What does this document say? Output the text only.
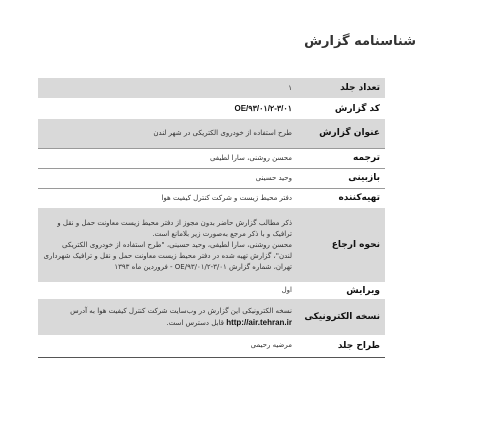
شناسنامه گزارش
تعداد جلد	١
کد گزارش	OE/۹۳/۰۱/۲-۳/۰۱
عنوان گزارش	طرح استفاده از خودروی الکتریکی در شهر لندن
ترجمه	محسن روشنی، سارا لطیفی
بازبینی	وحید حسینی
تهیه‌کننده	دفتر محیط زیست و شرکت کنترل کیفیت هوا
نحوه ارجاع	ذکر مطالب گزارش حاضر بدون مجوز از دفتر محیط زیست معاونت حمل و نقل و ترافیک و با ذکر مرجع به‌صورت زیر بلامانع است.
محسن روشنی، سارا لطیفی، وحید حسینی، "طرح استفاده از خودروی الکتریکی لندن"، گزارش تهیه شده در دفتر محیط زیست معاونت حمل و نقل و ترافیک شهرداری تهران، شماره گزارش OE/۹۳/۰۱/۲-۳/۰۱ - فروردین ماه ۱۳۹۳

ویرایش	اول
نسخه الکترونیکی	نسخه الکترونیکی این گزارش در وب‌سایت شرکت کنترل کیفیت هوا به آدرس http://air.tehran.ir قابل دسترس است.
طراح جلد	مرضیه رحیمی
